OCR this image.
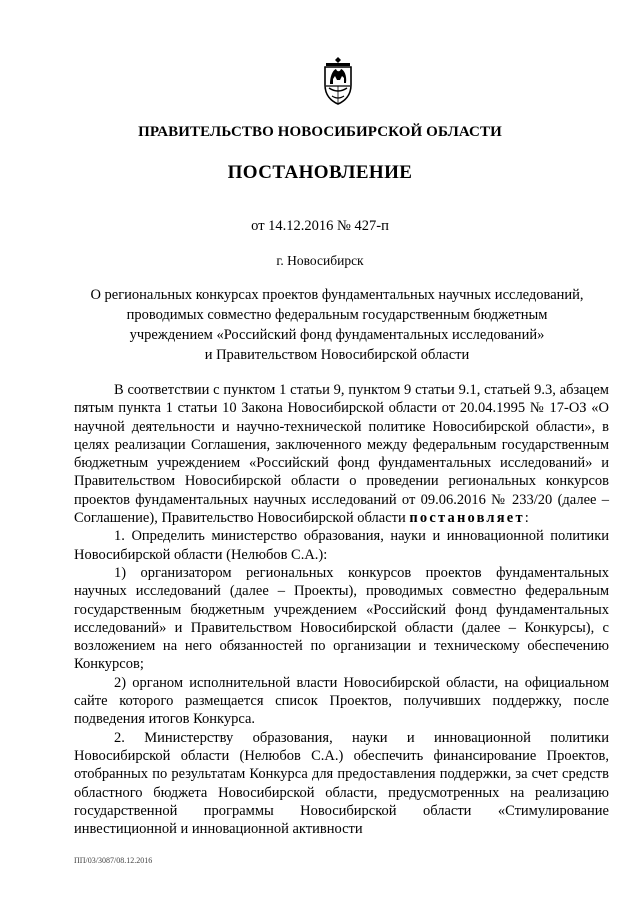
ПРАВИТЕЛЬСТВО НОВОСИБИРСКОЙ ОБЛАСТИ

ПОСТАНОВЛЕНИЕ

от 14.12.2016 № 427-п

г. Новосибирск

О региональных конкурсах проектов фундаментальных научных исследований,
проводимых совместно федеральным государственным бюджетным
учреждением «Российский фонд фундаментальных исследований»
и Правительством Новосибирской области

В соответствии с пунктом 1 статьи 9, пунктом 9 статьи 9.1, статьей 9.3, абзацем пятым пункта 1 статьи 10 Закона Новосибирской области от 20.04.1995 № 17-ОЗ «О научной деятельности и научно-технической политике Новосибирской области», в целях реализации Соглашения, заключенного между федеральным государственным бюджетным учреждением «Российский фонд фундаментальных исследований» и Правительством Новосибирской области о проведении региональных конкурсов проектов фундаментальных научных исследований от 09.06.2016 № 233/20 (далее – Соглашение), Правительство Новосибирской области постановляет:

1. Определить министерство образования, науки и инновационной политики Новосибирской области (Нелюбов С.А.):

1) организатором региональных конкурсов проектов фундаментальных научных исследований (далее – Проекты), проводимых совместно федеральным государственным бюджетным учреждением «Российский фонд фундаментальных исследований» и Правительством Новосибирской области (далее – Конкурсы), с возложением на него обязанностей по организации и техническому обеспечению Конкурсов;

2) органом исполнительной власти Новосибирской области, на официальном сайте которого размещается список Проектов, получивших поддержку, после подведения итогов Конкурса.

2. Министерству образования, науки и инновационной политики Новосибирской области (Нелюбов С.А.) обеспечить финансирование Проектов, отобранных по результатам Конкурса для предоставления поддержки, за счет средств областного бюджета Новосибирской области, предусмотренных на реализацию государственной программы Новосибирской области «Стимулирование инвестиционной и инновационной активности

ПП/03/3087/08.12.2016
